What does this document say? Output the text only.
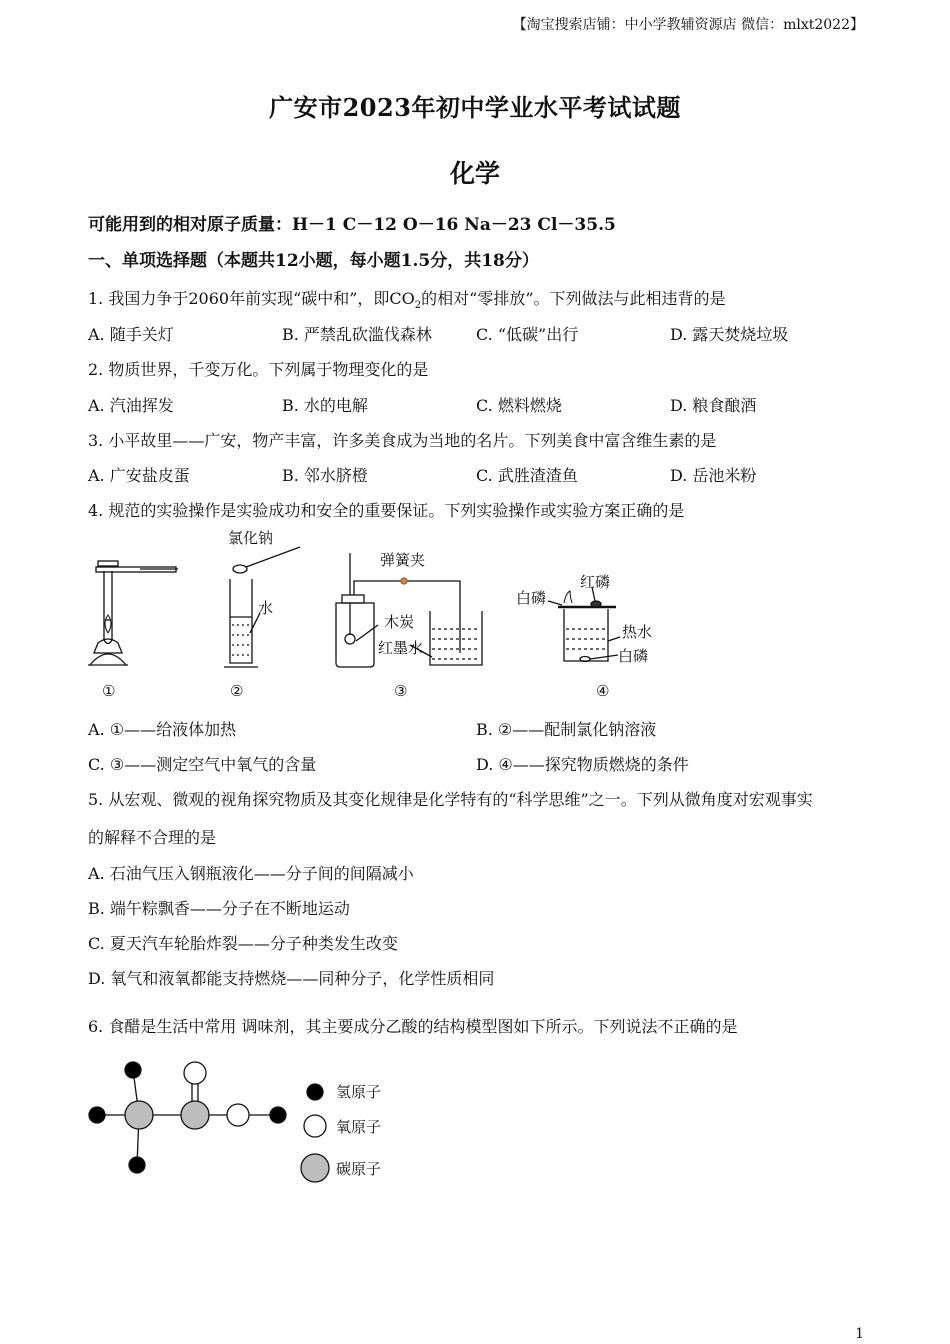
【淘宝搜索店铺：中小学教辅资源店 微信：mlxt2022】
广安市2023年初中学业水平考试试题
化学
可能用到的相对原子质量：H－1 C－12 O－16 Na－23 Cl－35.5
一、单项选择题（本题共12小题，每小题1.5分，共18分）
1. 我国力争于2060年前实现“碳中和”，即$CO_2$的相对“零排放”。下列做法与此相违背的是
A. 随手关灯	B. 严禁乱砍滥伐森林	C. “低碳”出行	D. 露天焚烧垃圾
2. 物质世界，千变万化。下列属于物理变化的是
A. 汽油挥发	B. 水的电解	C. 燃料燃烧	D. 粮食酿酒
3. 小平故里——广安，物产丰富，许多美食成为当地的名片。下列美食中富含维生素的是
A. 广安盐皮蛋	B. 邻水脐橙	C. 武胜渣渣鱼	D. 岳池米粉
4. 规范的实验操作是实验成功和安全的重要保证。下列实验操作或实验方案正确的是
氯化钠
水
弹簧夹
木炭
红墨水
红磷
白磷
热水
白磷
①	②	③	④
A. ①——给液体加热	B. ②——配制氯化钠溶液
C. ③——测定空气中氧气的含量	D. ④——探究物质燃烧的条件
5. 从宏观、微观的视角探究物质及其变化规律是化学特有的“科学思维”之一。下列从微角度对宏观事实
的解释不合理的是
A. 石油气压入钢瓶液化——分子间的间隔减小
B. 端午粽飘香——分子在不断地运动
C. 夏天汽车轮胎炸裂——分子种类发生改变
D. 氧气和液氧都能支持燃烧——同种分子，化学性质相同
6. 食醋是生活中常用 调味剂，其主要成分乙酸的结构模型图如下所示。下列说法不正确的是
氢原子
氧原子
碳原子
1
